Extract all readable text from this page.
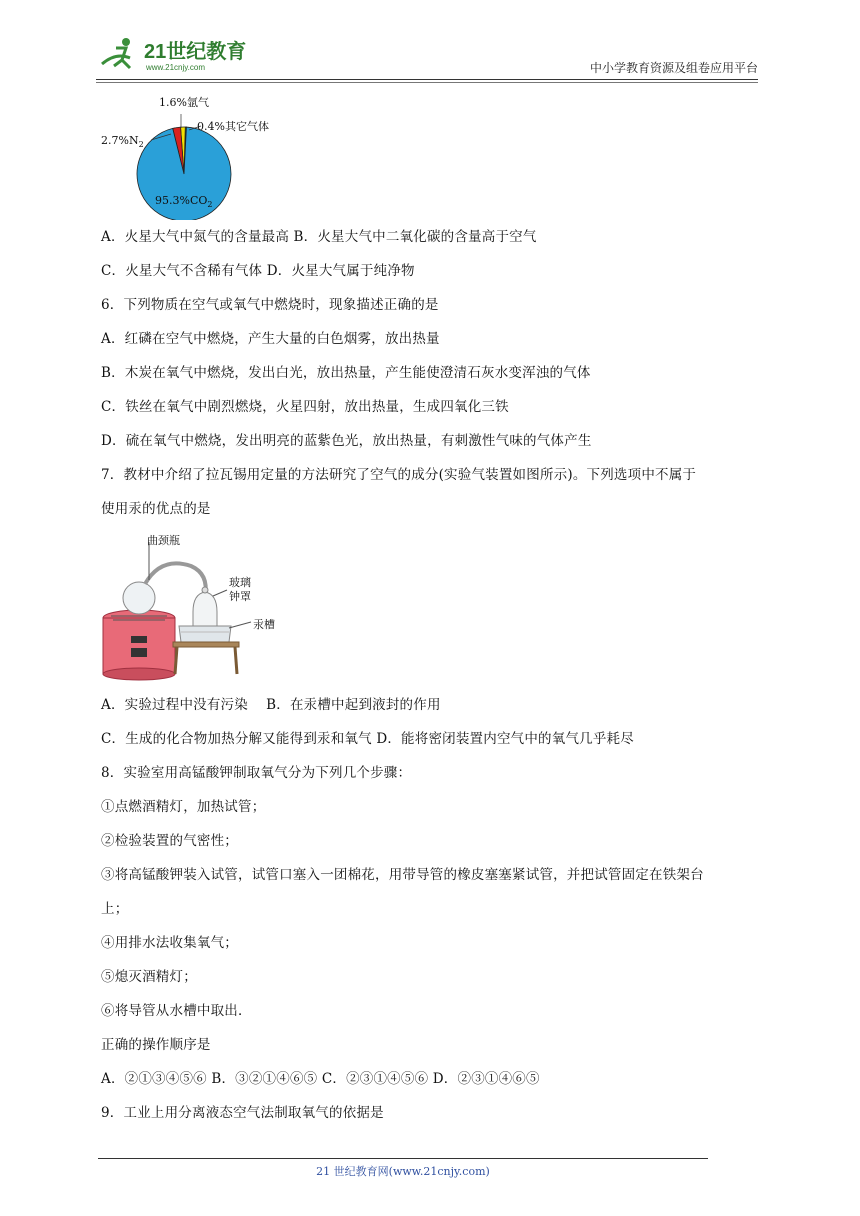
21世纪教育
www.21cnjy.com	中小学教育资源及组卷应用平台
1.6%氩气
0.4%其它气体
$2.7\%N_2$
$95.3\%CO_2$
A．火星大气中氮气的含量最高 B．火星大气中二氧化碳的含量高于空气
C．火星大气不含稀有气体 D．火星大气属于纯净物
6．下列物质在空气或氧气中燃烧时，现象描述正确的是
A．红磷在空气中燃烧，产生大量的白色烟雾，放出热量
B．木炭在氧气中燃烧，发出白光，放出热量，产生能使澄清石灰水变浑浊的气体
C．铁丝在氧气中剧烈燃烧，火星四射，放出热量，生成四氧化三铁
D．硫在氧气中燃烧，发出明亮的蓝紫色光，放出热量，有刺激性气味的气体产生
7．教材中介绍了拉瓦锡用定量的方法研究了空气的成分(实验气装置如图所示)。下列选项中不属于
使用汞的优点的是
曲颈瓶
玻璃
钟罩
汞槽
A．实验过程中没有污染　 B．在汞槽中起到液封的作用
C．生成的化合物加热分解又能得到汞和氧气 D．能将密闭装置内空气中的氧气几乎耗尽
8．实验室用高锰酸钾制取氧气分为下列几个步骤：
①点燃酒精灯，加热试管；
②检验装置的气密性；
③将高锰酸钾装入试管，试管口塞入一团棉花，用带导管的橡皮塞塞紧试管，并把试管固定在铁架台
上；
④用排水法收集氧气；
⑤熄灭酒精灯；
⑥将导管从水槽中取出．
正确的操作顺序是
A．②①③④⑤⑥ B．③②①④⑥⑤ C．②③①④⑤⑥ D．②③①④⑥⑤
9．工业上用分离液态空气法制取氧气的依据是
21 世纪教育网(www.21cnjy.com)
